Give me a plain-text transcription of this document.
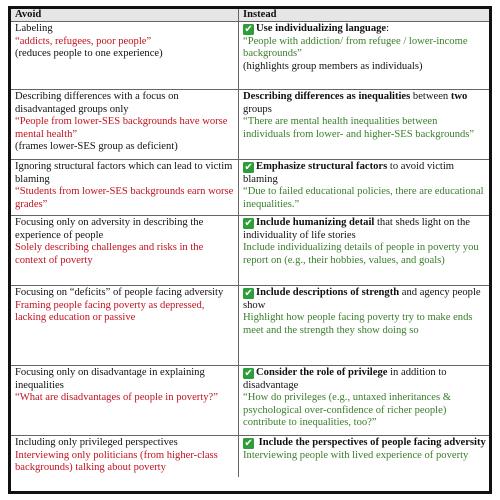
Avoid	Instead

Labeling
“addicts, refugees, poor people”
(reduces people to one experience)	✔ Use individualizing language:
“People with addiction/ from refugee / lower-income backgrounds”
(highlights group members as individuals)

Describing differences with a focus on disadvantaged groups only
“People from lower-SES backgrounds have worse mental health”
(frames lower-SES group as deficient)	Describing differences as inequalities between two groups
“There are mental health inequalities between individuals from lower- and higher-SES backgrounds”

Ignoring structural factors which can lead to victim blaming
“Students from lower-SES backgrounds earn worse grades”	✔ Emphasize structural factors to avoid victim blaming
“Due to failed educational policies, there are educational inequalities.”

Focusing only on adversity in describing the experience of people
Solely describing challenges and risks in the context of poverty	✔ Include humanizing detail that sheds light on the individuality of life stories
Include individualizing details of people in poverty you report on (e.g., their hobbies, values, and goals)

Focusing on “deficits” of people facing adversity
Framing people facing poverty as depressed, lacking education or passive	✔ Include descriptions of strength and agency people show
Highlight how people facing poverty try to make ends meet and the strength they show doing so

Focusing only on disadvantage in explaining inequalities
“What are disadvantages of people in poverty?”	✔ Consider the role of privilege in addition to disadvantage
“How do privileges (e.g., untaxed inheritances & psychological over-confidence of richer people) contribute to inequalities, too?”

Including only privileged perspectives
Interviewing only politicians (from higher-class backgrounds) talking about poverty	✔ Include the perspectives of people facing adversity
Interviewing people with lived experience of poverty
